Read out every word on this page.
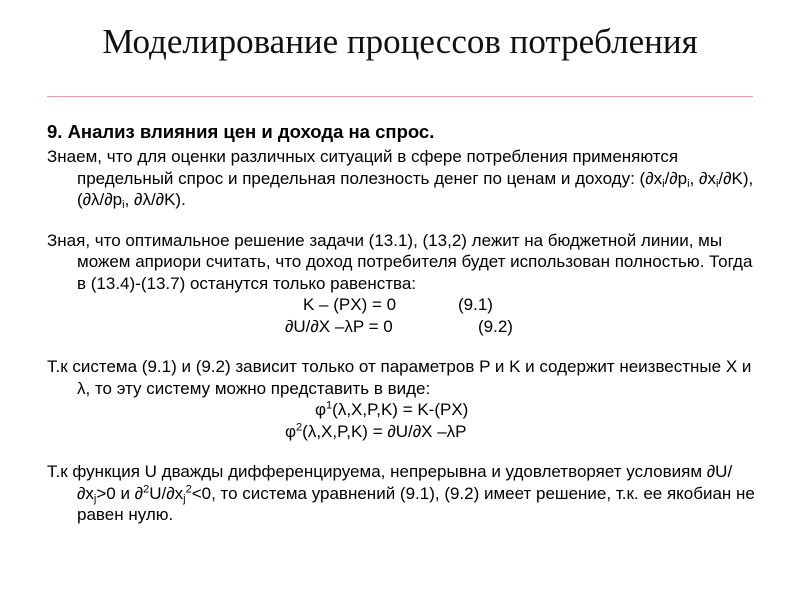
Моделирование процессов потребления
9. Анализ влияния цен и дохода на спрос.
Знаем, что для оценки различных ситуаций в сфере потребления применяются предельный спрос и предельная полезность денег по ценам и доходу: ($\partial x_i/\partial p_i$, $\partial x_i/\partial K$), ($\partial\lambda/\partial p_i$, ∂λ/∂K).
Зная, что оптимальное решение задачи (13.1), (13,2) лежит на бюджетной линии, мы можем априори считать, что доход потребителя будет использован полностью. Тогда в (13.4)-(13.7) останутся только равенства:
K – (PX) = 0	(9.1)
∂U/∂X –λP = 0	(9.2)
Т.к система (9.1) и (9.2) зависит только от параметров P и K и содержит неизвестные X и λ, то эту систему можно представить в виде:
$\varphi^1(\lambda,X,P,K) = K-(PX)$
$\varphi^2(\lambda,X,P,K) = \partial U/\partial X$ –λP
Т.к функция U дважды дифференцируема, непрерывна и удовлетворяет условиям $\partial U/\partial x_j>0$ и $\partial^2U/\partial x_j^2<0$, то система уравнений (9.1), (9.2) имеет решение, т.к. ее якобиан не равен нулю.
